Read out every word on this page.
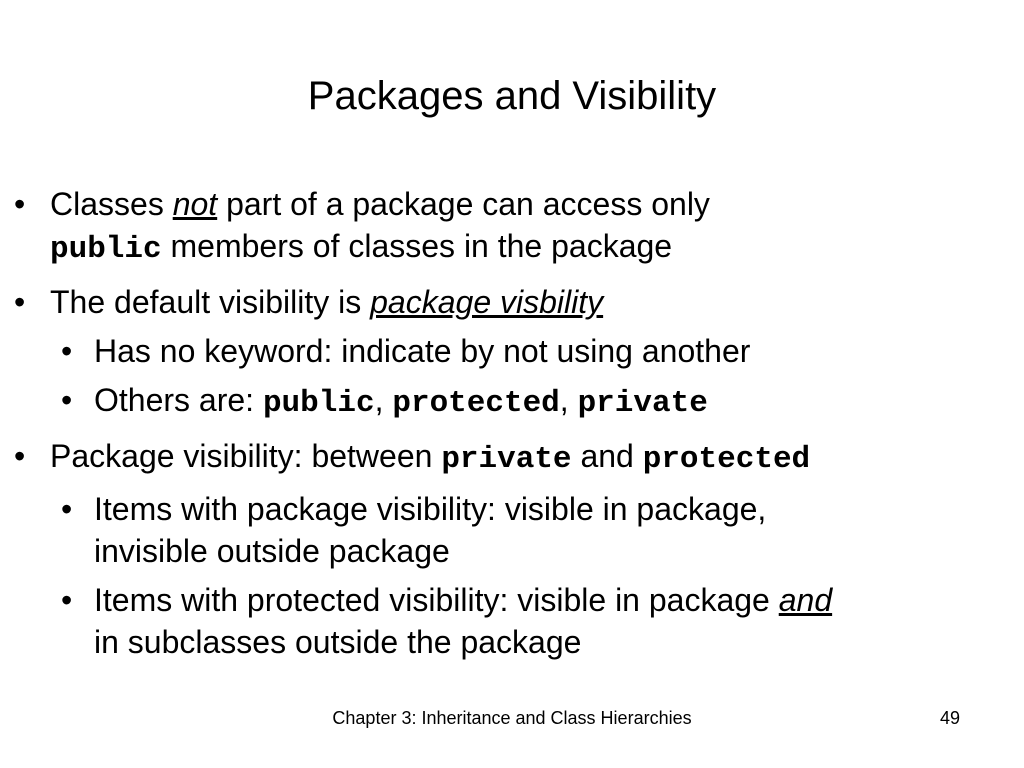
Packages and Visibility
• Classes not part of a package can access only
public members of classes in the package
• The default visibility is package visbility
• Has no keyword: indicate by not using another
• Others are: public, protected, private
• Package visibility: between private and protected
• Items with package visibility: visible in package,
invisible outside package
• Items with protected visibility: visible in package and
in subclasses outside the package
Chapter 3: Inheritance and Class Hierarchies	49
